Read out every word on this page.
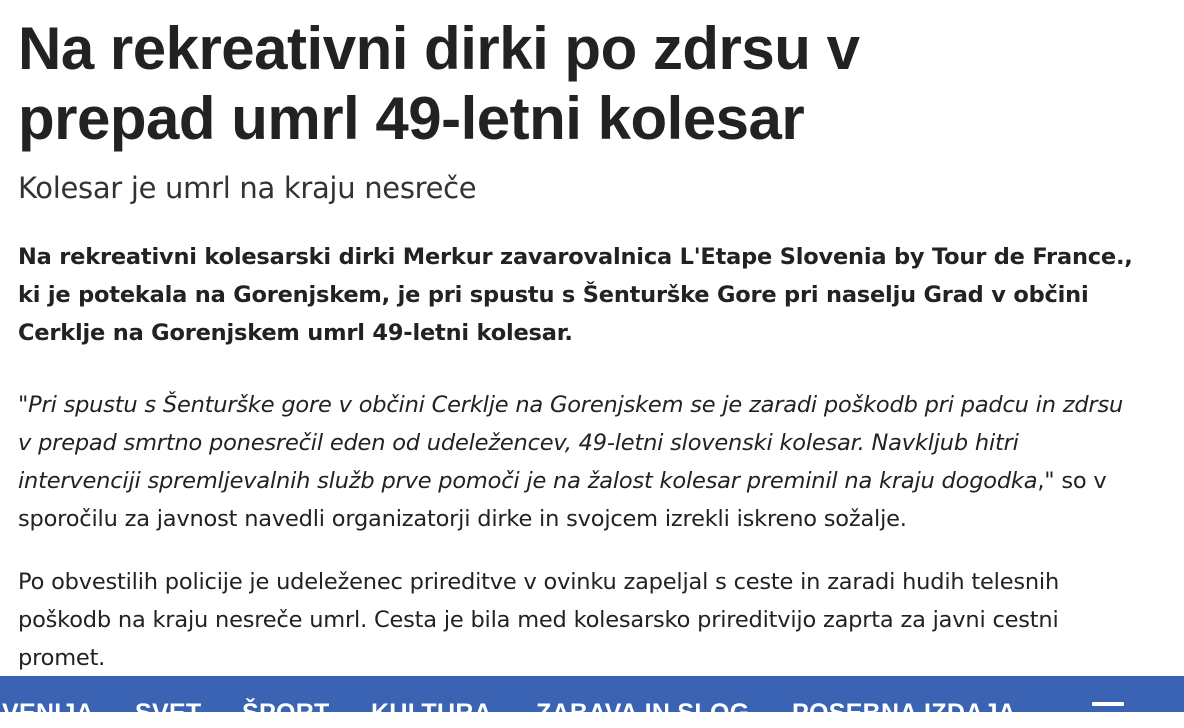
Na rekreativni dirki po zdrsu v prepad umrl 49-letni kolesar
Kolesar je umrl na kraju nesreče

Na rekreativni kolesarski dirki Merkur zavarovalnica L'Etape Slovenia by Tour de France., ki je potekala na Gorenjskem, je pri spustu s Šenturške Gore pri naselju Grad v občini Cerklje na Gorenjskem umrl 49-letni kolesar.

"Pri spustu s Šenturške gore v občini Cerklje na Gorenjskem se je zaradi poškodb pri padcu in zdrsu v prepad smrtno ponesrečil eden od udeležencev, 49-letni slovenski kolesar. Navkljub hitri intervenciji spremljevalnih služb prve pomoči je na žalost kolesar preminil na kraju dogodka," so v sporočilu za javnost navedli organizatorji dirke in svojcem izrekli iskreno sožalje.

Po obvestilih policije je udeleženec prireditve v ovinku zapeljal s ceste in zaradi hudih telesnih poškodb na kraju nesreče umrl. Cesta je bila med kolesarsko prireditvijo zaprta za javni cestni promet.

VENIJA SVET ŠPORT KULTURA ZABAVA IN SLOG POSEBNA IZDAJA
